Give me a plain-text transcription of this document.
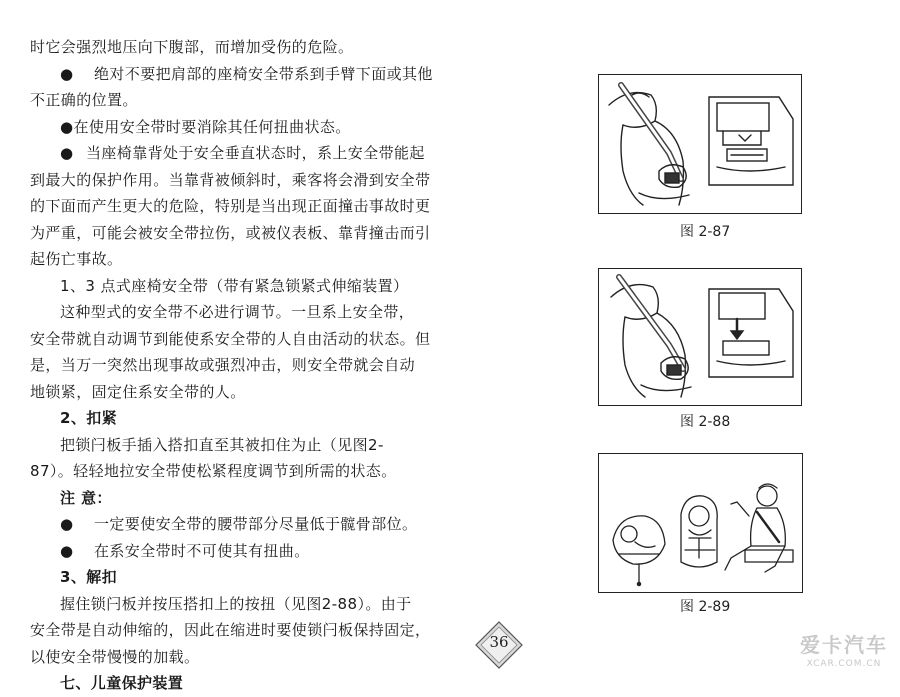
时它会强烈地压向下腹部，而增加受伤的危险。
● 绝对不要把肩部的座椅安全带系到手臂下面或其他
不正确的位置。
●在使用安全带时要消除其任何扭曲状态。
● 当座椅靠背处于安全垂直状态时，系上安全带能起
到最大的保护作用。当靠背被倾斜时，乘客将会滑到安全带
的下面而产生更大的危险，特别是当出现正面撞击事故时更
为严重，可能会被安全带拉伤，或被仪表板、靠背撞击而引
起伤亡事故。
1、3 点式座椅安全带（带有紧急锁紧式伸缩装置）
这种型式的安全带不必进行调节。一旦系上安全带，
安全带就自动调节到能使系安全带的人自由活动的状态。但
是，当万一突然出现事故或强烈冲击，则安全带就会自动
地锁紧，固定住系安全带的人。
2、扣紧
把锁闩板手插入搭扣直至其被扣住为止（见图2-
87）。轻轻地拉安全带使松紧程度调节到所需的状态。
注 意：
● 一定要使安全带的腰带部分尽量低于髋骨部位。
● 在系安全带时不可使其有扭曲。
3、解扣
握住锁闩板并按压搭扣上的按扭（见图2-88）。由于
安全带是自动伸缩的，因此在缩进时要使锁闩板保持固定，
以使安全带慢慢的加载。
七、儿童保护装置
图 2-87
图 2-88
图 2-89
36	爱卡汽车
XCAR.COM.CN
